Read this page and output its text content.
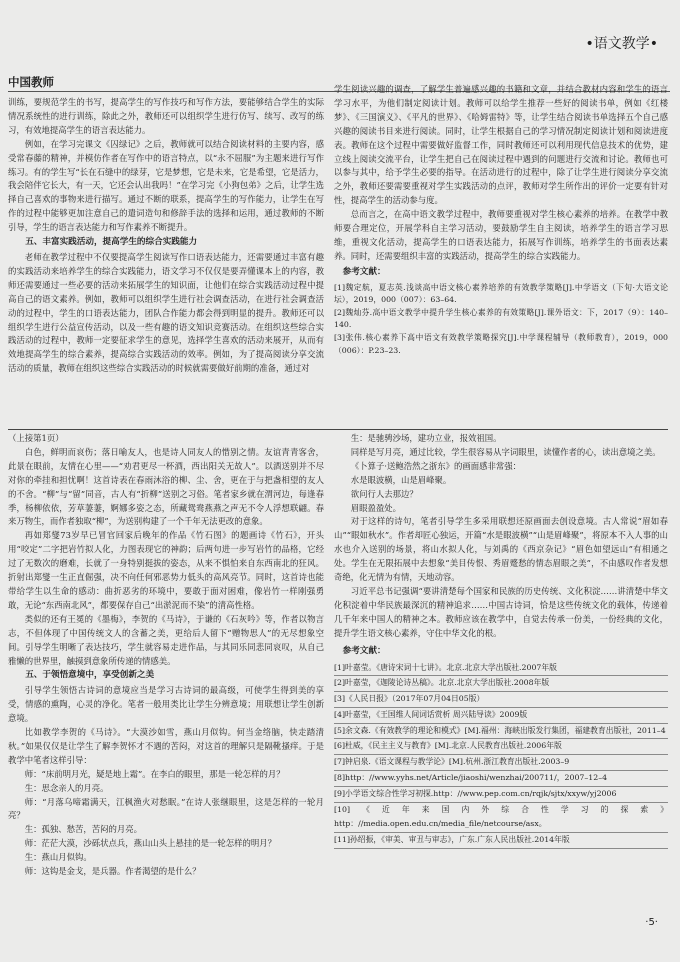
•语文教学•
中国教师

训练，要规范学生的书写，提高学生的写作技巧和写作方法，要能够结合学生的实际情况系统性的进行训练，除此之外，教师还可以组织学生进行仿写、续写、改写的练习，有效地提高学生的语言表达能力。

例如，在学习完课文《囚绿记》之后，教师就可以结合阅读材料的主要内容，感受常春藤的精神，并模仿作者在写作中的语言特点，以“永不屈服”为主题来进行写作练习。有的学生写“长在石缝中的绿芽，它是梦想，它是未来，它是希望，它是活力，我会陪伴它长大，有一天，它还会认出我吗！”在学习完《小狗包弟》之后，让学生选择自己喜欢的事物来进行描写。通过不断的联系，提高学生的写作能力，让学生在写作的过程中能够更加注意自己的遣词造句和修辞手法的选择和运用，通过教师的不断引导，学生的语言表达能力和写作素养不断提升。

五、丰富实践活动，提高学生的综合实践能力

老师在教学过程中不仅要提高学生阅读写作口语表达能力，还需要通过丰富有趣的实践活动来培养学生的综合实践能力，语文学习不仅仅是要弄懂课本上的内容，教师还需要通过一些必要的活动来拓展学生的知识面，让他们在综合实践活动过程中提高自己的语文素养。例如，教师可以组织学生进行社会调查活动，在进行社会调查活动的过程中，学生的口语表达能力，团队合作能力都会得到明显的提升。教师还可以组织学生进行公益宣传活动，以及一些有趣的语文知识竞赛活动。在组织这些综合实践活动的过程中，教师一定要征求学生的意见，选择学生喜欢的活动来展开，从而有效地提高学生的综合素养，提高综合实践活动的效率。例如，为了提高阅读分享交流活动的质量，教师在组织这些综合实践活动的时候就需要做好前期的准备，通过对

学生阅读兴趣的调查，了解学生普遍感兴趣的书籍和文章，并结合教材内容和学生的语言学习水平，为他们制定阅读计划。教师可以给学生推荐一些好的阅读书单，例如《红楼梦》、《三国演义》、《平凡的世界》、《哈姆雷特》等，让学生结合阅读书单选择五个自己感兴趣的阅读书目来进行阅读。同时，让学生根据自己的学习情况制定阅读计划和阅读进度表。教师在这个过程中需要做好监督工作，同时教师还可以利用现代信息技术的优势，建立线上阅读交流平台，让学生把自己在阅读过程中遇到的问题进行交流和讨论。教师也可以参与其中，给予学生必要的指导。在活动进行的过程中，除了让学生进行阅读分享交流之外，教师还要需要重视对学生实践活动的点评，教师对学生所作出的评价一定要有针对性，提高学生的活动参与度。

总而言之，在高中语文教学过程中，教师要重视对学生核心素养的培养。在教学中教师要合理定位，开展学科自主学习活动，要鼓励学生自主阅读，培养学生的语言学习思维，重视文化活动，提高学生的口语表达能力，拓展写作训练，培养学生的书面表达素养。同时，还需要组织丰富的实践活动，提高学生的综合实践能力。

参考文献：

[1]魏定航，夏志英.浅谈高中语文核心素养培养的有效教学策略[J].中学语文（下旬·大语文论坛），2019，000（007）：63–64.

[2]魏灿芬.高中语文教学中提升学生核心素养的有效策略[J].课外语文：下，2017（9）：140–140.

[3]张伟.核心素养下高中语文有效教学策略探究[J].中学课程辅导（教师教育），2019，000（006）：P.23–23.

（上接第1页）

白色，鲜明而哀伤；落日喻友人，也是诗人同友人的惜别之情。友谊青青客舍，此景在眼前，友情在心里——“劝君更尽一杯酒，西出阳关无故人”。以酒送别并不尽对你的牵挂和担忧啊！这首诗表在春雨沐浴的柳、尘、舍，更在于与把盏相望的友人的不舍。“柳”与“留”同音，古人有“折柳”送别之习俗。笔者家乡就在渭河边，每逢春季，杨柳依依，芳草萋萋，婀娜多姿之态，所藏鸳鸯燕燕之声无不令人浮想联翩。春来万物生，而作者独取“柳”，为送别构建了一个千年无法更改的意象。

再如郑燮73岁早已冒官回家后晚年的作品《竹石图》的题画诗《竹石》，开头用“咬定”二字把岩竹拟人化，力图表现它的神韵；后两句进一步写岩竹的品格，它经过了无数次的磨难，长就了一身特别挺拔的姿态，从来不惧怕来自东西南北的狂风。折射出郑燮一生正直倔强，决不向任何邪恶势力低头的高风亮节。同时，这首诗也能带给学生以生命的感动：曲折恶劣的环境中，要敢于面对困难，像岩竹一样刚强勇敢，无论“东西南北风”，都要保存自己“出淤泥而不染”的清高性格。

类似的还有王冕的《墨梅》，李贺的《马诗》，于谦的《石灰吟》等，作者以物言志，不但体现了中国传统文人的含蓄之美，更给后人留下“赠物思人”的无尽想象空间。引导学生明晰了表达技巧，学生就容易走进作品，与其同乐同悲同哀叹，从自己雅懒的世界里，触摸到意象所传递的情感美。

五、于领悟意境中，享受创新之美

引导学生领悟古诗词的意境应当是学习古诗词的最高级，可使学生得到美的享受，情感的熏陶，心灵的净化。笔者一般用类比让学生分辨意境；用联想让学生创新意境。

比如教学李贺的《马诗》。“大漠沙如雪，燕山月似钩。何当金络脑，快走踏清秋。”如果仅仅是让学生了解李贺怀才不遇的苦闷，对这首的理解只是隔靴搔痒。于是教学中笔者这样引导：

师：“床前明月光，疑是地上霜”。在李白的眼里，那是一轮怎样的月？

生：思念亲人的月亮。

师：“月落乌啼霜满天，江枫渔火对愁眠。”在诗人张继眼里，这是怎样的一轮月亮？

生：孤独、愁苦，苦闷的月亮。

师：茫茫大漠，沙砾状点兵，燕山山头上悬挂的是一轮怎样的明月？

生：燕山月似钩。

师：这钩是金戈，是兵器。作者渴望的是什么？

生：是驰骋沙场，建功立业，报效祖国。

同样是写月亮，通过比较，学生很容易从字词眼里，读懂作者的心，读出意境之美。

《卜算子·送鲍浩然之浙东》的画面感非常强：

水是眼波横，山是眉峰聚。

欲问行人去那边？

眉眼盈盈处。

对于这样的诗句，笔者引导学生多采用联想还原画面去创设意境。古人常说“眉如春山”“眼如秋水”。作者却匠心独运，开篇“水是眼波横”“山是眉峰聚”，将原本不入人事的山水也介入送别的场景，将山水拟人化，与刘禹的《西京杂记》“眉色如望远山”有相通之处。学生在无限拓展中去想象“美目传恨、秀眉蹙愁的情态眉眼之美”，不由感叹作者发想奇绝，化无情为有情，天地动容。

习近平总书记强调“要讲清楚每个国家和民族的历史传统、文化积淀……讲清楚中华文化积淀着中华民族最深沉的精神追求……中国古诗词，恰是这些传统文化的载体，传递着几千年来中国人的精神之本。教师应该在教学中，自觉去传承一份美，一份经典的文化，提升学生语文核心素养，守住中华文化的根。

参考文献：

[1]叶嘉莹。《唐诗宋词十七讲》。北京.北京大学出版社.2007年版

[2]叶嘉莹，《迦陵论诗丛稿》。北京.北京大学出版社.2008年版

[3]《人民日报》（2017年07月04日05版）

[4]叶嘉莹，《王国维人间词话赏析 周兴陆导读》2009版

[5]余文森.《有效教学的理论和模式》[M].福州：海峡出版发行集团，福建教育出版社，2011–4

[6]杜威，《民主主义与教育》[M].北京.人民教育出版社.2006年版

[7]钟启泉.《语文课程与教学论》[M].杭州.浙江教育出版社.2003–9

[8]http：//www.yyhs.net/Article/jiaoshi/wenzhai/200711/，2007–12–4

[9]小学语文综合性学习初探.http：//www.pep.com.cn/rqjk/sjtx/xxyw/yj2006

[10]《近年来国内外综合性学习的探索》http：//media.open.edu.cn/media_file/netcourse/asx。

[11]孙绍振，《审美、审丑与审志》，广东.广东人民出版社.2014年版

·5·
